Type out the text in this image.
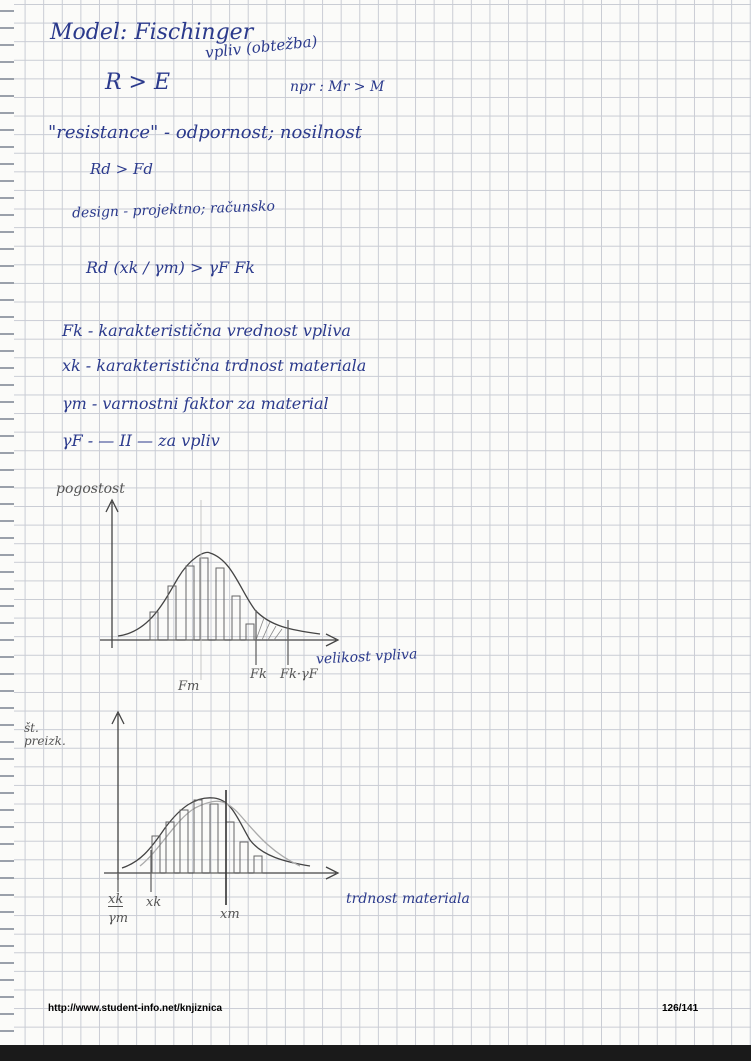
Model: Fischinger
vpliv (obtežba)
R > E	npr : Mr > M
"resistance" - odpornost; nosilnost
Rd > Fd
design - projektno; računsko
Rd (xk / γm) > γF Fk
Fk - karakteristična vrednost vpliva
xk - karakteristična trdnost materiala
γm - varnostni faktor za material
γF - — II — za vpliv
pogostost
velikost vpliva
Fm
Fk Fk·γF
št. preizk.
trdnost materiala
xk
γm
xk
xm
http://www.student-info.net/knjiznica	126/141
